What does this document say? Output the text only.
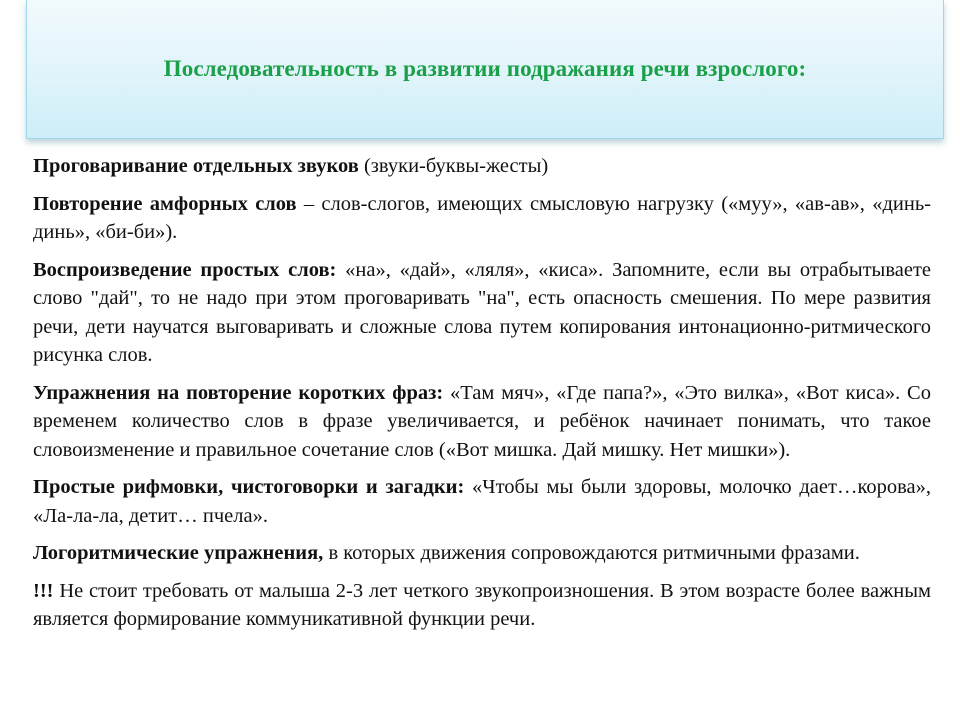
Последовательность в развитии подражания речи взрослого:

Проговаривание отдельных звуков (звуки-буквы-жесты)

Повторение амфорных слов – слов-слогов, имеющих смысловую нагрузку («муу», «ав-ав», «динь-динь», «би-би»).

Воспроизведение простых слов: «на», «дай», «ляля», «киса». Запомните, если вы отрабытываете слово "дай", то не надо при этом проговаривать "на", есть опасность смешения. По мере развития речи, дети научатся выговаривать и сложные слова путем копирования интонационно-ритмического рисунка слов.

Упражнения на повторение коротких фраз: «Там мяч», «Где папа?», «Это вилка», «Вот киса». Со временем количество слов в фразе увеличивается, и ребёнок начинает понимать, что такое словоизменение и правильное сочетание слов («Вот мишка. Дай мишку. Нет мишки»).

Простые рифмовки, чистоговорки и загадки: «Чтобы мы были здоровы, молочко дает…корова», «Ла-ла-ла, детит… пчела».

Логоритмические упражнения, в которых движения сопровождаются ритмичными фразами.

!!! Не стоит требовать от малыша 2-3 лет четкого звукопроизношения. В этом возрасте более важным является формирование коммуникативной функции речи.
